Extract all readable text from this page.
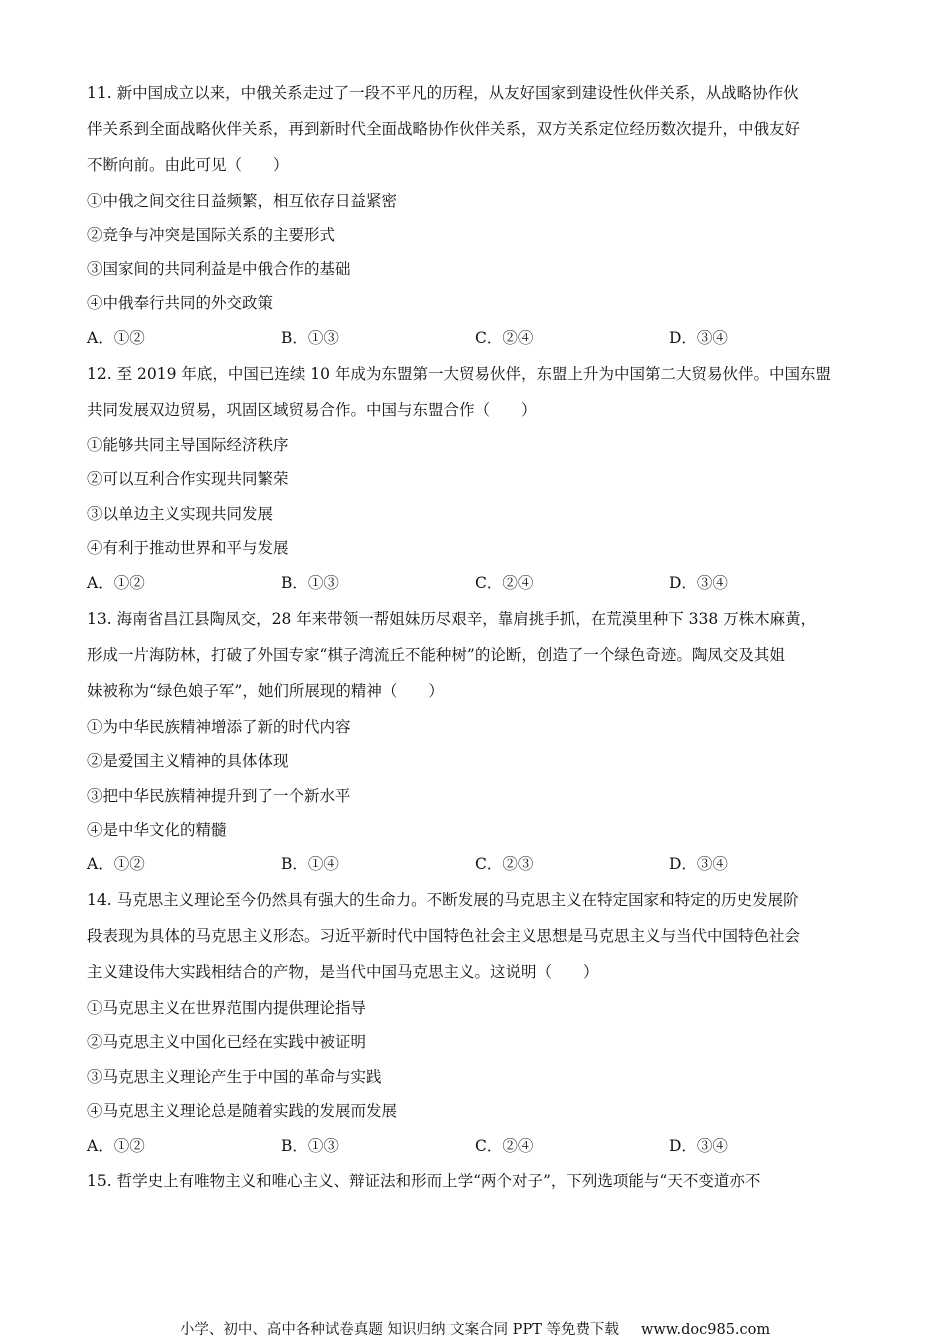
11. 新中国成立以来，中俄关系走过了一段不平凡的历程，从友好国家到建设性伙伴关系，从战略协作伙
伴关系到全面战略伙伴关系，再到新时代全面战略协作伙伴关系，双方关系定位经历数次提升，中俄友好
不断向前。由此可见（　　）
①中俄之间交往日益频繁，相互依存日益紧密
②竞争与冲突是国际关系的主要形式
③国家间的共同利益是中俄合作的基础
④中俄奉行共同的外交政策
A．①②	B．①③	C．②④	D．③④
12. 至 2019 年底，中国已连续 10 年成为东盟第一大贸易伙伴，东盟上升为中国第二大贸易伙伴。中国东盟
共同发展双边贸易，巩固区域贸易合作。中国与东盟合作（　　）
①能够共同主导国际经济秩序
②可以互利合作实现共同繁荣
③以单边主义实现共同发展
④有利于推动世界和平与发展
A．①②	B．①③	C．②④	D．③④
13. 海南省昌江县陶凤交，28 年来带领一帮姐妹历尽艰辛，靠肩挑手抓，在荒漠里种下 338 万株木麻黄，
形成一片海防林，打破了外国专家“棋子湾流丘不能种树”的论断，创造了一个绿色奇迹。陶凤交及其姐
妹被称为“绿色娘子军”，她们所展现的精神（　　）
①为中华民族精神增添了新的时代内容
②是爱国主义精神的具体体现
③把中华民族精神提升到了一个新水平
④是中华文化的精髓
A．①②	B．①④	C．②③	D．③④
14. 马克思主义理论至今仍然具有强大的生命力。不断发展的马克思主义在特定国家和特定的历史发展阶
段表现为具体的马克思主义形态。习近平新时代中国特色社会主义思想是马克思主义与当代中国特色社会
主义建设伟大实践相结合的产物，是当代中国马克思主义。这说明（　　）
①马克思主义在世界范围内提供理论指导
②马克思主义中国化已经在实践中被证明
③马克思主义理论产生于中国的革命与实践
④马克思主义理论总是随着实践的发展而发展
A．①②	B．①③	C．②④	D．③④
15. 哲学史上有唯物主义和唯心主义、辩证法和形而上学“两个对子”，下列选项能与“天不变道亦不
小学、初中、高中各种试卷真题 知识归纳 文案合同 PPT 等免费下载 www.doc985.com
